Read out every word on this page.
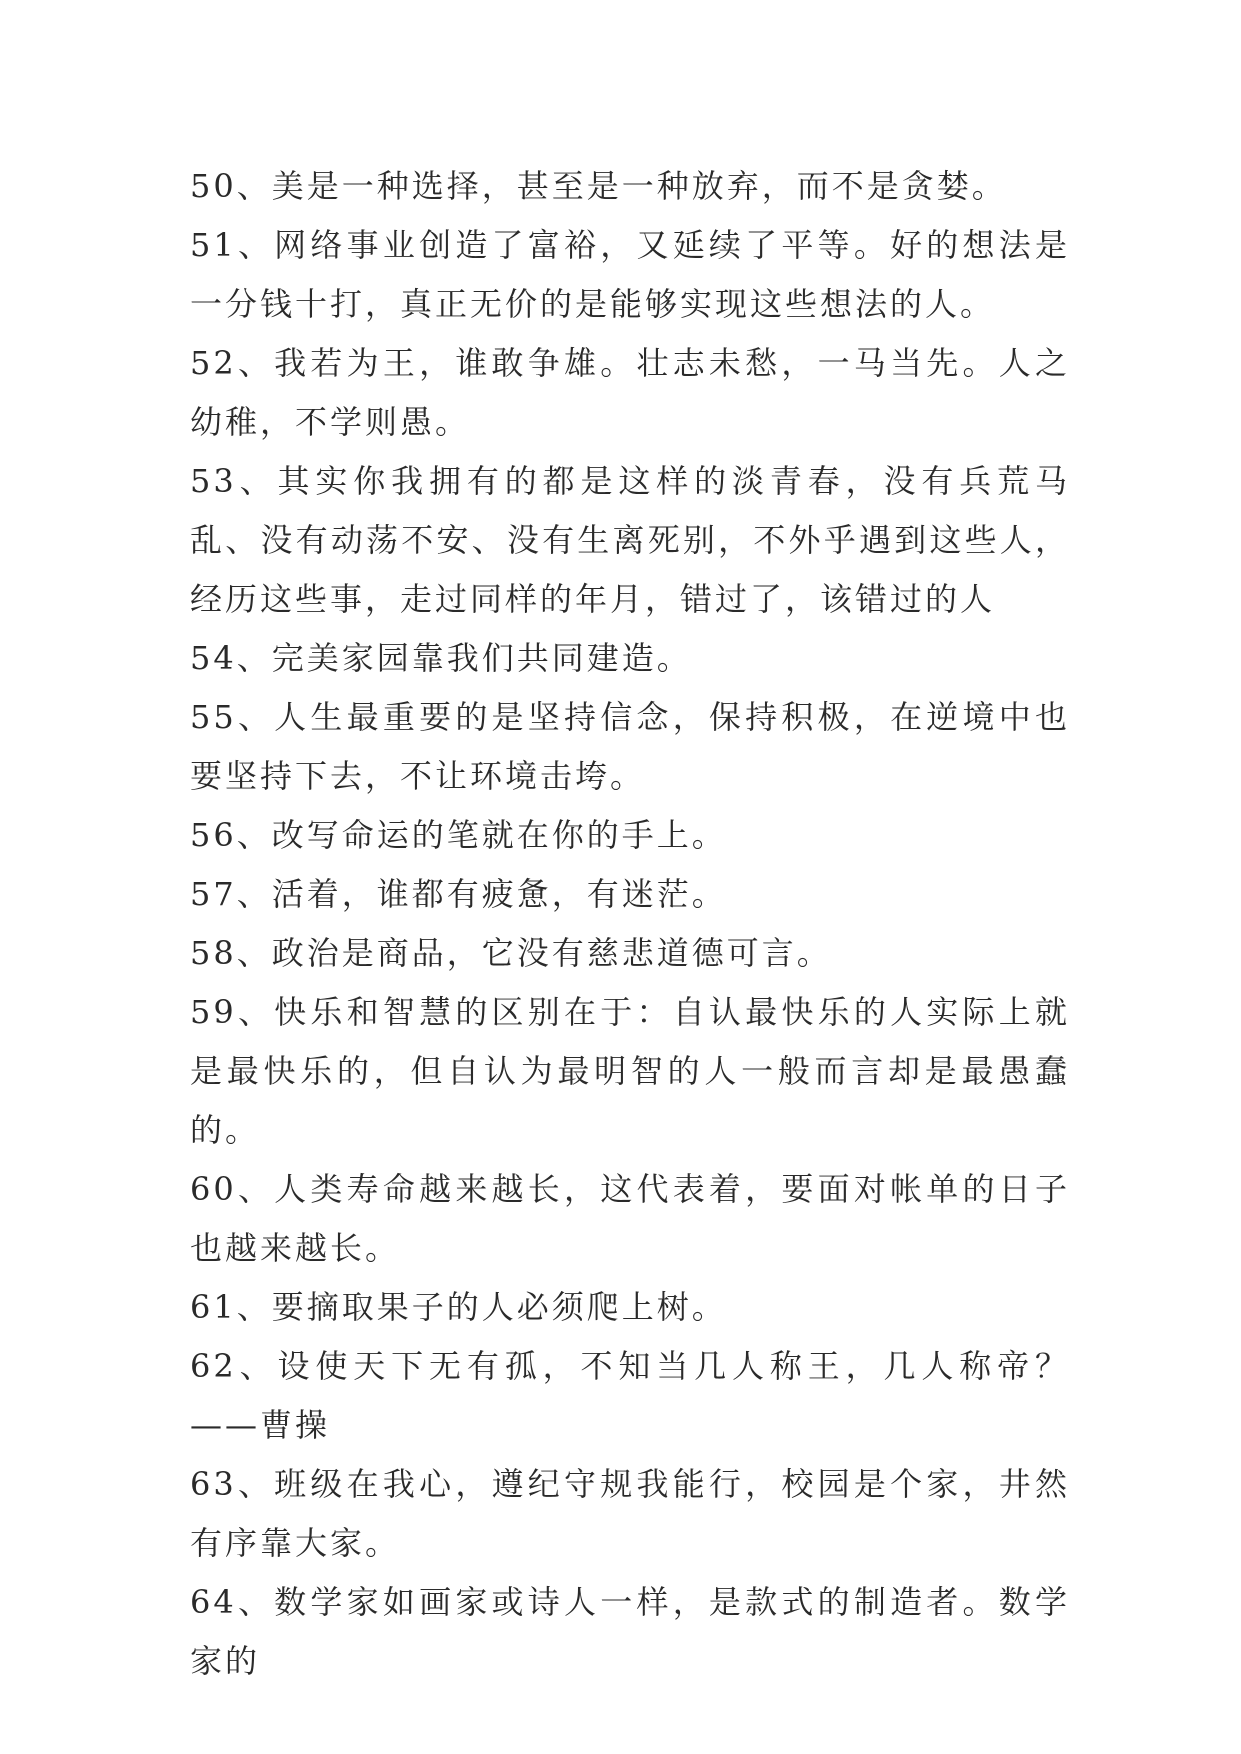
50、美是一种选择，甚至是一种放弃，而不是贪婪。

51、网络事业创造了富裕，又延续了平等。好的想法是一分钱十打，真正无价的是能够实现这些想法的人。

52、我若为王，谁敢争雄。壮志未愁，一马当先。人之幼稚，不学则愚。

53、其实你我拥有的都是这样的淡青春，没有兵荒马乱、没有动荡不安、没有生离死别，不外乎遇到这些人，经历这些事，走过同样的年月，错过了，该错过的人

54、完美家园靠我们共同建造。

55、人生最重要的是坚持信念，保持积极，在逆境中也要坚持下去，不让环境击垮。

56、改写命运的笔就在你的手上。

57、活着，谁都有疲惫，有迷茫。

58、政治是商品，它没有慈悲道德可言。

59、快乐和智慧的区别在于：自认最快乐的人实际上就是最快乐的，但自认为最明智的人一般而言却是最愚蠢的。

60、人类寿命越来越长，这代表着，要面对帐单的日子也越来越长。

61、要摘取果子的人必须爬上树。

62、设使天下无有孤，不知当几人称王，几人称帝？——曹操

63、班级在我心，遵纪守规我能行，校园是个家，井然有序靠大家。

64、数学家如画家或诗人一样，是款式的制造者。数学家的
